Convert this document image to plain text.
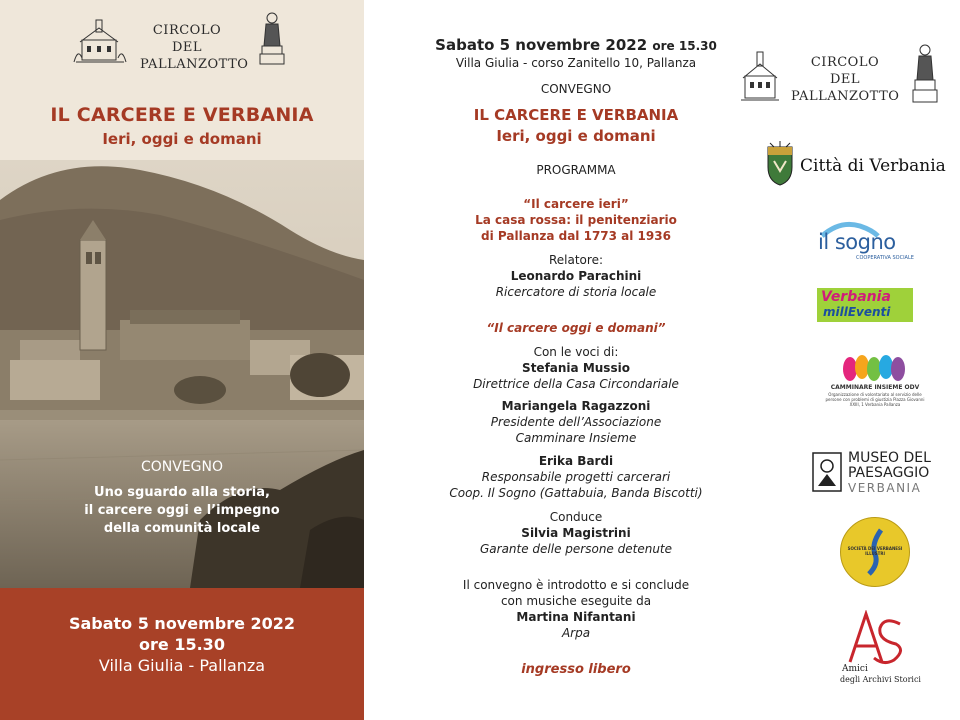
CIRCOLO
DEL
PALLANZOTTO
IL CARCERE E VERBANIA
Ieri, oggi e domani
CONVEGNO
Uno sguardo alla storia,
il carcere oggi e l’impegno
della comunità locale
Sabato 5 novembre 2022
ore 15.30
Villa Giulia - Pallanza
Sabato 5 novembre 2022 ore 15.30
Villa Giulia - corso Zanitello 10, Pallanza
CONVEGNO
IL CARCERE E VERBANIA
Ieri, oggi e domani
PROGRAMMA
“Il carcere ieri”
La casa rossa: il penitenziario
di Pallanza dal 1773 al 1936
Relatore:
Leonardo Parachini
Ricercatore di storia locale
“Il carcere oggi e domani”
Con le voci di:
Stefania Mussio
Direttrice della Casa Circondariale
Mariangela Ragazzoni
Presidente dell’Associazione
Camminare Insieme
Erika Bardi
Responsabile progetti carcerari
Coop. Il Sogno (Gattabuia, Banda Biscotti)
Conduce
Silvia Magistrini
Garante delle persone detenute
Il convegno è introdotto e si conclude
con musiche eseguite da
Martina Nifantani
Arpa
ingresso libero
CIRCOLO
DEL
PALLANZOTTO
Città di Verbania
il sogno
COOPERATIVA SOCIALE
Verbania
millEventi
CAMMINARE INSIEME ODV
Organizzazione di volontariato al servizio delle persone con problemi di giustizia Piazza Giovanni XXIII, 1 Verbania Pallanza
MUSEO DEL
PAESAGGIO
VERBANIA
SOCIETÀ DEI VERBANESI ILLUSTRI
Amici
degli Archivi Storici
